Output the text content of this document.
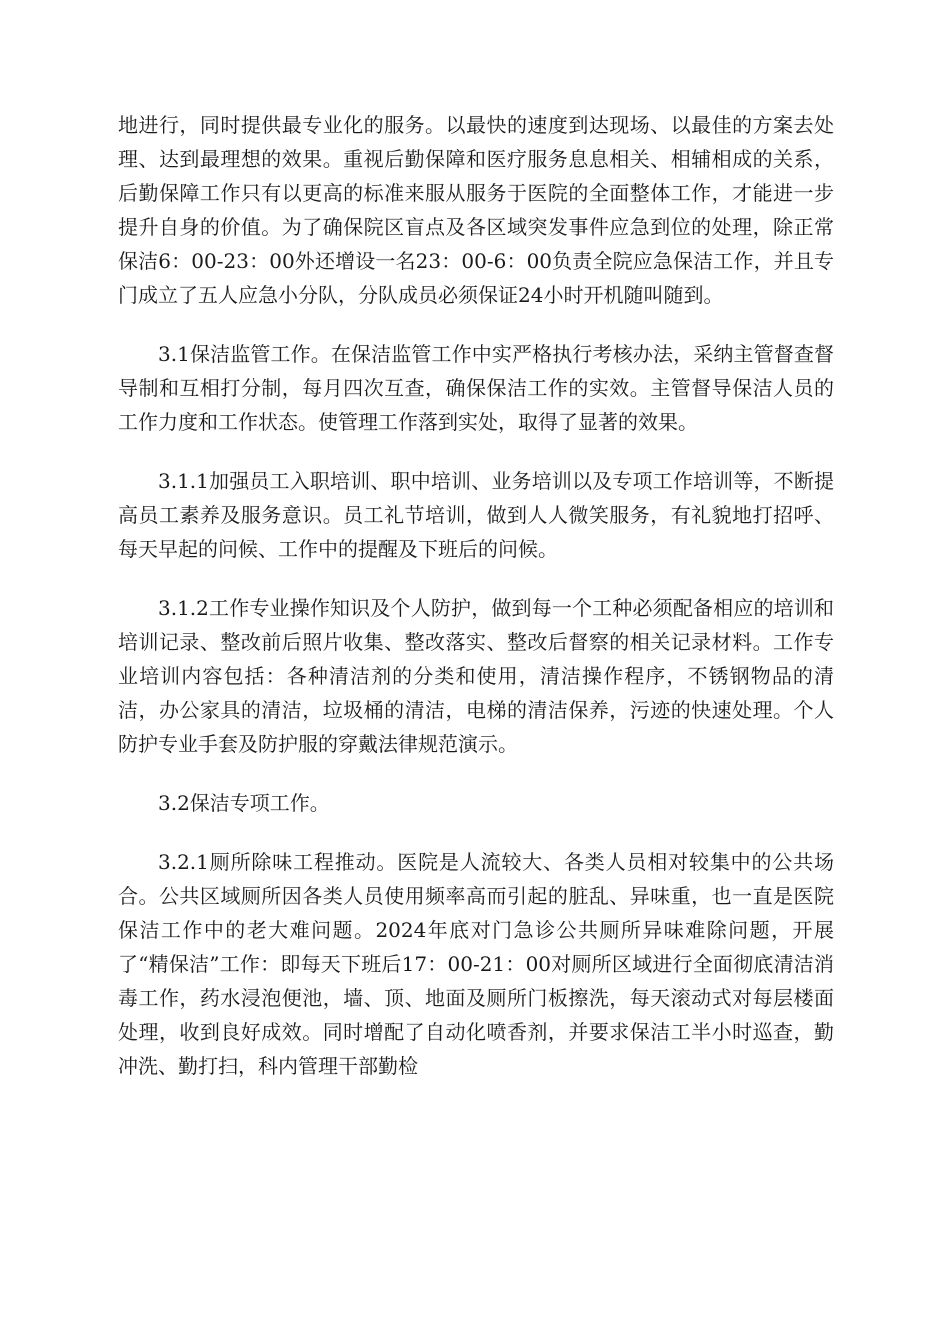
地进行，同时提供最专业化的服务。以最快的速度到达现场、以最佳的方案去处理、达到最理想的效果。重视后勤保障和医疗服务息息相关、相辅相成的关系，后勤保障工作只有以更高的标准来服从服务于医院的全面整体工作，才能进一步提升自身的价值。为了确保院区盲点及各区域突发事件应急到位的处理，除正常保洁6：00-23：00外还增设一名23：00-6：00负责全院应急保洁工作，并且专门成立了五人应急小分队，分队成员必须保证24小时开机随叫随到。

3.1保洁监管工作。在保洁监管工作中实严格执行考核办法，采纳主管督查督导制和互相打分制，每月四次互查，确保保洁工作的实效。主管督导保洁人员的工作力度和工作状态。使管理工作落到实处，取得了显著的效果。

3.1.1加强员工入职培训、职中培训、业务培训以及专项工作培训等，不断提高员工素养及服务意识。员工礼节培训，做到人人微笑服务，有礼貌地打招呼、每天早起的问候、工作中的提醒及下班后的问候。

3.1.2工作专业操作知识及个人防护，做到每一个工种必须配备相应的培训和培训记录、整改前后照片收集、整改落实、整改后督察的相关记录材料。工作专业培训内容包括：各种清洁剂的分类和使用，清洁操作程序，不锈钢物品的清洁，办公家具的清洁，垃圾桶的清洁，电梯的清洁保养，污迹的快速处理。个人防护专业手套及防护服的穿戴法律规范演示。

3.2保洁专项工作。

3.2.1厕所除味工程推动。医院是人流较大、各类人员相对较集中的公共场合。公共区域厕所因各类人员使用频率高而引起的脏乱、异味重，也一直是医院保洁工作中的老大难问题。2024年底对门急诊公共厕所异味难除问题，开展了“精保洁”工作：即每天下班后17：00-21：00对厕所区域进行全面彻底清洁消毒工作，药水浸泡便池，墙、顶、地面及厕所门板擦洗，每天滚动式对每层楼面处理，收到良好成效。同时增配了自动化喷香剂，并要求保洁工半小时巡查，勤冲洗、勤打扫，科内管理干部勤检
